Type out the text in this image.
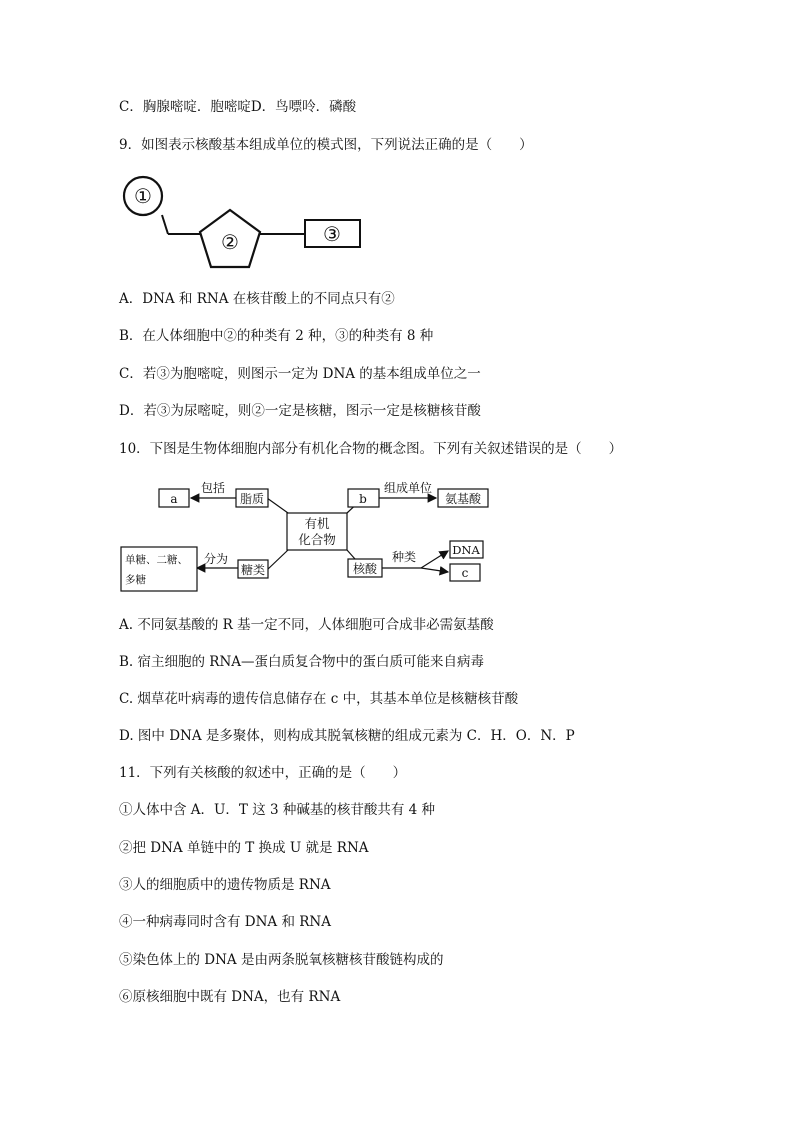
C．胸腺嘧啶．胞嘧啶D．鸟嘌呤．磷酸
9．如图表示核酸基本组成单位的模式图，下列说法正确的是（　　）
①
②	③
A．DNA 和 RNA 在核苷酸上的不同点只有②
B．在人体细胞中②的种类有 2 种，③的种类有 8 种
C．若③为胞嘧啶，则图示一定为 DNA 的基本组成单位之一
D．若③为尿嘧啶，则②一定是核糖，图示一定是核糖核苷酸
10．下图是生物体细胞内部分有机化合物的概念图。下列有关叙述错误的是（　　）
有机
化合物
脂质
包括
a	b
组成单位
氨基酸
单糖、二糖、
多糖
分为
糖类	核酸
种类	DNA
c
A. 不同氨基酸的 R 基一定不同，人体细胞可合成非必需氨基酸
B. 宿主细胞的 RNA—蛋白质复合物中的蛋白质可能来自病毒
C. 烟草花叶病毒的遗传信息储存在 c 中，其基本单位是核糖核苷酸
D. 图中 DNA 是多聚体，则构成其脱氧核糖的组成元素为 C．H．O．N．P
11．下列有关核酸的叙述中，正确的是（　　）
①人体中含 A．U．T 这 3 种碱基的核苷酸共有 4 种
②把 DNA 单链中的 T 换成 U 就是 RNA
③人的细胞质中的遗传物质是 RNA
④一种病毒同时含有 DNA 和 RNA
⑤染色体上的 DNA 是由两条脱氧核糖核苷酸链构成的
⑥原核细胞中既有 DNA，也有 RNA
